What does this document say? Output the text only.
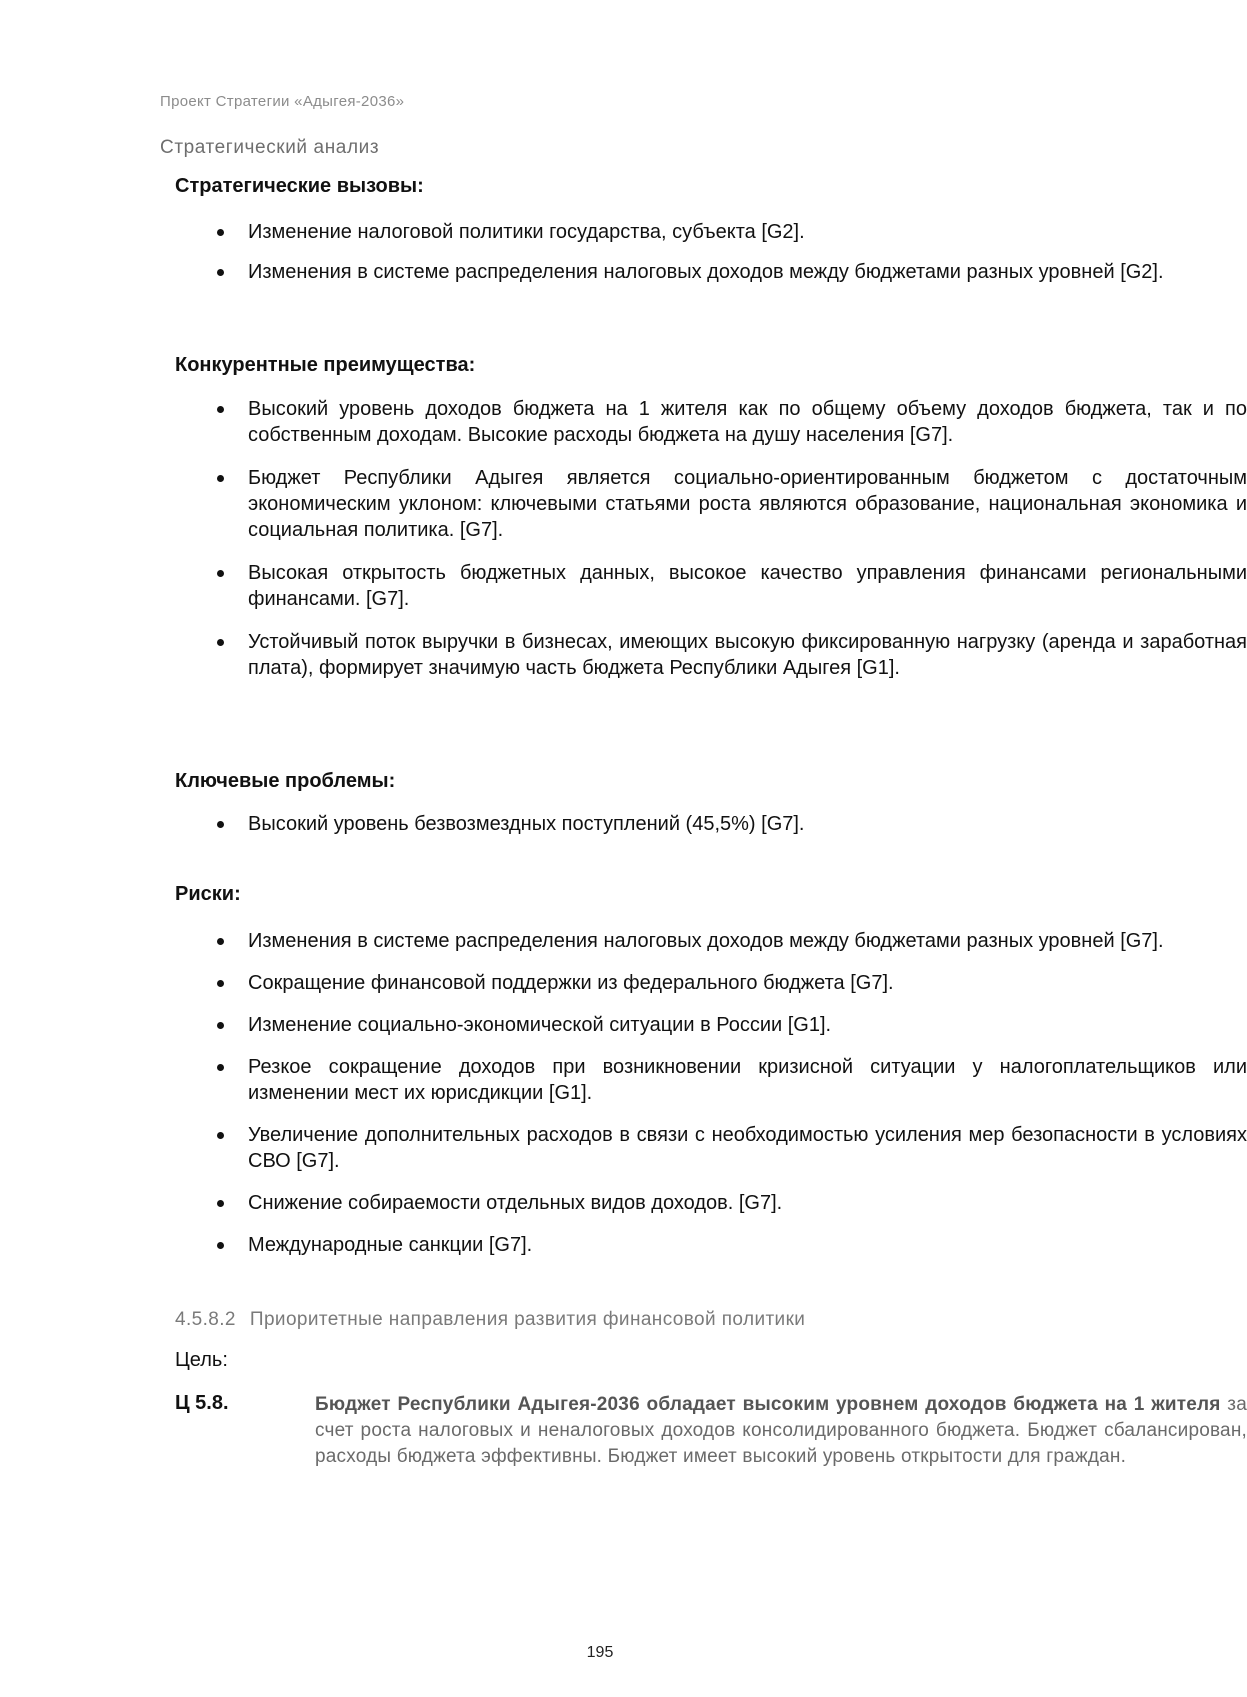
Проект Стратегии «Адыгея-2036»
Стратегический анализ
Стратегические вызовы:
Изменение налоговой политики государства, субъекта [G2].
Изменения в системе распределения налоговых доходов между бюджетами разных уровней [G2].
Конкурентные преимущества:
Высокий уровень доходов бюджета на 1 жителя как по общему объему доходов бюджета, так и по собственным доходам. Высокие расходы бюджета на душу населения [G7].
Бюджет Республики Адыгея является социально-ориентированным бюджетом с достаточным экономическим уклоном: ключевыми статьями роста являются образование, национальная экономика и социальная политика. [G7].
Высокая открытость бюджетных данных, высокое качество управления финансами региональными финансами. [G7].
Устойчивый поток выручки в бизнесах, имеющих высокую фиксированную нагрузку (аренда и заработная плата), формирует значимую часть бюджета Республики Адыгея [G1].
Ключевые проблемы:
Высокий уровень безвозмездных поступлений (45,5%) [G7].
Риски:
Изменения в системе распределения налоговых доходов между бюджетами разных уровней [G7].
Сокращение финансовой поддержки из федерального бюджета [G7].
Изменение социально-экономической ситуации в России [G1].
Резкое сокращение доходов при возникновении кризисной ситуации у налогоплательщиков или изменении мест их юрисдикции [G1].
Увеличение дополнительных расходов в связи с необходимостью усиления мер безопасности в условиях СВО [G7].
Снижение собираемости отдельных видов доходов. [G7].
Международные санкции [G7].
4.5.8.2 Приоритетные направления развития финансовой политики
Цель:
Ц 5.8.	Бюджет Республики Адыгея-2036 обладает высоким уровнем доходов бюджета на 1 жителя за счет роста налоговых и неналоговых доходов консолидированного бюджета. Бюджет сбалансирован, расходы бюджета эффективны. Бюджет имеет высокий уровень открытости для граждан.
195
